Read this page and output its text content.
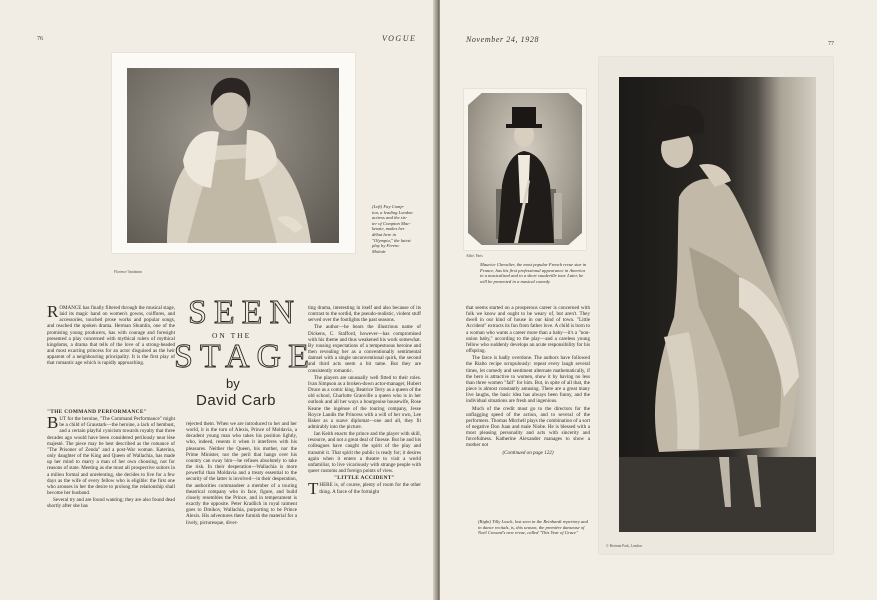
76
Florence Vandamm
(Left) Fay Comp-
ton, a leading London
actress and the sis-
ter of Compton Mac-
kenzie, makes her
début here in
"Olympia," the latest
play by Ferenc
Molnár
SEEN
ON THE
STAGE
by
David Carb

ROMANCE has finally filtered through the musical stage, laid its magic hand on women's gowns, coiffures, and accessories, touched prose works and popular songs, and reached the spoken drama. Herman Shumlin, one of the promising young producers, has with courage and foresight presented a play concerned with mythical rulers of mythical kingdoms, a drama that tells of the love of a strong-headed and most exacting princess for an actor disguised as the heir apparent of a neighbouring principality. It is the first play of that romantic age which is rapidly approaching.

"THE COMMAND PERFORMANCE"

BUT for the heroine, "The Command Performance" might be a child of Graustark—the heroine, a lack of hembust, and a certain playful cynicism towards royalty that three decades ago would have been considered perilously near lèse majesté. The piece may be best described as the romance of "The Prisoner of Zenda" and a post-War woman. Katerina, only daughter of the King and Queen of Wallachia, has made up her mind to marry a man of her own choosing, not for reasons of state. Meeting as she must all prospective suitors in a milieu formal and unrelenting, she decides to live for a few days as the wife of every fellow who is eligible: the first one who arouses in her the desire to prolong the relationship shall become her husband.

Several try and are found wanting; they are also found dead shortly after she has

rejected them. When we are introduced to her and her world, it is the turn of Alexis, Prince of Moldavia, a decadent young man who takes his position lightly, who, indeed, resents it when it interferes with his pleasures. Neither the Queen, his mother, nor the Prime Minister, nor the peril that hangs over his country can sway him—he refuses absolutely to take the risk. In their desperation—Wallachia is more powerful than Moldavia and a treaty essential to the security of the latter is involved—in their desperation, the authorities commandeer a member of a touring theatrical company who in face, figure, and build closely resembles the Prince, and in temperament is exactly the opposite. Peter Kradlich in royal raiment goes to Dmikov, Wallachia, purporting to be Prince Alexis. His adventures there furnish the material for a lively, picturesque, diver-

ting drama, interesting in itself and also because of its contrast to the sordid, the pseudo-realistic, violent stuff served over the footlights the past seasons.

The author—he bears the illustrious name of Dickens, C. Stafford, however—has compromised with his theme and thus weakened his work somewhat. By rousing expectations of a tempestuous heroine and then revealing her as a conventionally sentimental damsel with a single unconventional quirk, the second and third acts seem a bit tame. But they are consistently romantic.

The players are unusually well fitted to their roles. Ivan Simpson as a broken-down actor-manager, Hubert Druce as a comic king, Beatrice Terry as a queen of the old school, Charlotte Granville a queen who is in her outlook and all her ways a bourgeoise housewife, Rose Keane the ingénue of the touring company, Jesse Royce Landis the Princess with a will of her own, Lee Baker as a suave diplomat—one and all, they fit admirably into the picture.

Ian Keith enacts the prince and the player with skill, resource, and not a great deal of finesse. But he and his colleagues have caught the spirit of the play and transmit it. That spirit the public is ready for; it desires again when it enters a theatre to visit a world unfamiliar, to live vicariously with strange people with queer customs and foreign points of view.

"LITTLE ACCIDENT"

THERE is, of course, plenty of room for the other thing. A farce of the fortnight

VOGUE	November 24, 1928	77
Abbé, Paris
Maurice Chevalier, the most popular French revue star in France, has his first professional appearance in America in a musicalised and in a short vaudeville tour. Later, he will be presented in a musical comedy
© Bertram Park, London

that seems started on a prosperous career is concerned with folk we know and ought to be weary of, but aren't. They dwell in our kind of house in our kind of town. "Little Accident" extracts its fun from father love. A child is born to a woman who wants a career more than a baby—it's a "non-union baby," according to the play—and a careless young fellow who suddenly develops an acute responsibility for his offspring.

The farce is badly overdone. The authors have followed the Rialto recipe scrupulously: repeat every laugh several times, let comedy and sentiment alternate mathematically, if the hero is attractive to women, show it by having no less than three women "fall" for him. But, in spite of all that, the piece is almost constantly amusing. There are a great many live laughs, the basic idea has always been funny, and the individual situations are fresh and ingenious.

Much of the credit must go to the directors for the unflagging speed of the action, and to several of the performers. Thomas Mitchell plays the combination of a sort of negative Don Juan and male Niobe. He is blessed with a most pleasing personality and acts with sincerity and forcefulness. Katherine Alexander manages to show a mother not

(Continued on page 122)

(Right) Tilly Losch, lost seen in the Reinhardt repertory and in dance recitals, is, this season, the première danseuse of Noël Coward's new revue, called "This Year of Grace"
